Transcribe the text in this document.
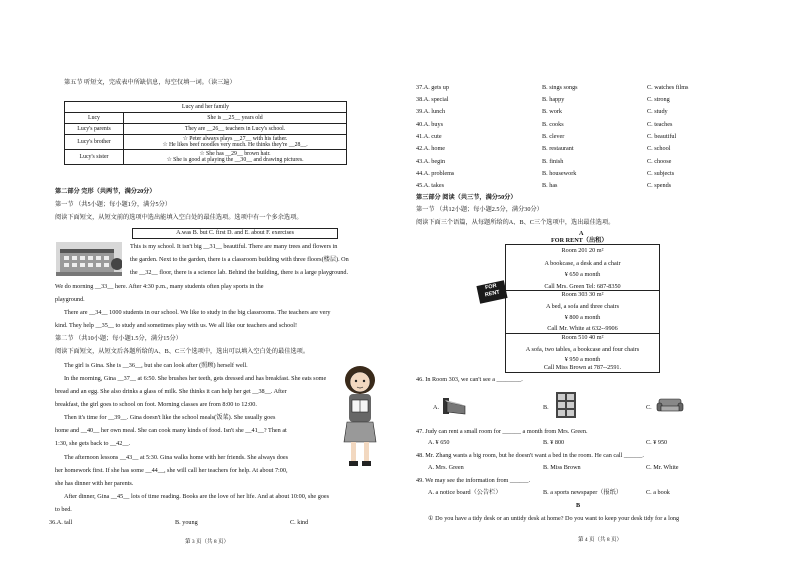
第五节 听短文，完成表中所缺信息，每空仅填一词。（读三遍）
Lucy and her family	
Lucy	She is __25__ years old
Lucy's parents	They are __26__ teachers in Lucy's school.
Lucy's brother	☆ Peter always plays __27__ with his father.
☆ He likes beef noodles very much. He thinks they're __28__.

Lucy's sister	☆ She has __29__ brown hair.
☆ She is good at playing the __30__ and drawing pictures.
第二部分 完形（共两节，满分20分）
第一节 （共5小题；每小题1分，满分5分）
阅读下面短文，从短文前的选项中选出能填入空白处的最佳选项。选项中有一个多余选项。
A.was B. but C. first D. and E. about F. exercises
This is my school. It isn't big __31__ beautiful. There are many trees and flowers in
the garden. Next to the garden, there is a classroom building with three floors(楼层). On
the __32__ floor, there is a science lab. Behind the building, there is a large playground.
We do morning __33__ here. After 4:30 p.m., many students often play sports in the
playground.
There are __34__ 1000 students in our school. We like to study in the big classrooms. The teachers are very
kind. They help __35__ to study and sometimes play with us. We all like our teachers and school!
第二节 （共10小题；每小题1.5分，满分15分）
阅读下面短文，从短文后各题所给的A、B、C三个选项中，选出可以填入空白处的最佳选项。
The girl is Gina. She is __36__, but she can look after (照顾) herself well.
In the morning, Gina __37__ at 6:50. She brushes her teeth, gets dressed and has breakfast. She eats some
bread and an egg. She also drinks a glass of milk. She thinks it can help her get __38__. After
breakfast, the girl goes to school on foot. Morning classes are from 8:00 to 12:00.
Then it's time for __39__. Gina doesn't like the school meals(饭菜). She usually goes
home and __40__ her own meal. She can cook many kinds of food. Isn't she __41__? Then at
1:30, she gets back to __42__.
The afternoon lessons __43__ at 5:30. Gina walks home with her friends. She always does
her homework first. If she has some __44__, she will call her teachers for help. At about 7:00,
she has dinner with her parents.
After dinner, Gina __45__ lots of time reading. Books are the love of her life. And at about 10:00, she goes
to bed.
36.A. tall	B. young	C. kind
第 3 页（共 8 页）
37.A. gets up	B. sings songs	C. watches films
38.A. special	B. happy	C. strong
39.A. lunch	B. work	C. study
40.A. buys	B. cooks	C. teaches
41.A. cute	B. clever	C. beautiful
42.A. home	B. restaurant	C. school
43.A. begin	B. finish	C. choose
44.A. problems	B. housework	C. subjects
45.A. takes	B. has	C. spends
第三部分 阅读（共三节，满分50分）
第一节 （共12小题；每小题2.5分，满分30分）
阅读下面三个语篇，从每题所给的A、B、C三个选项中，选出最佳选项。
A
FOR RENT（出租）
Room 201 20 m²
A bookcase, a desk and a chair
¥ 650 a month
Call Mrs. Green Tel: 687-8350
Room 303 30 m²
A bed, a sofa and three chairs
¥ 800 a month
Call Mr. White at 632--9906
Room 510 40 m²
A sofa, two tables, a bookcase and four chairs
¥ 950 a month
Call Miss Brown at 787--2591.
FOR RENT
46. In Room 303, we can't see a ________.
A.	B.	C.
47. Judy can rent a small room for ______ a month from Mrs. Green.
A. ¥ 650	B. ¥ 800	C. ¥ 950
48. Mr. Zhang wants a big room, but he doesn't want a bed in the room. He can call ______.
A. Mrs. Green	B. Miss Brown	C. Mr. White
49. We may see the information from ______.
A. a notice board（公告栏）	B. a sports newspaper（报纸）	C. a book
B
① Do you have a tidy desk or an untidy desk at home? Do you want to keep your desk tidy for a long
第 4 页（共 8 页）
